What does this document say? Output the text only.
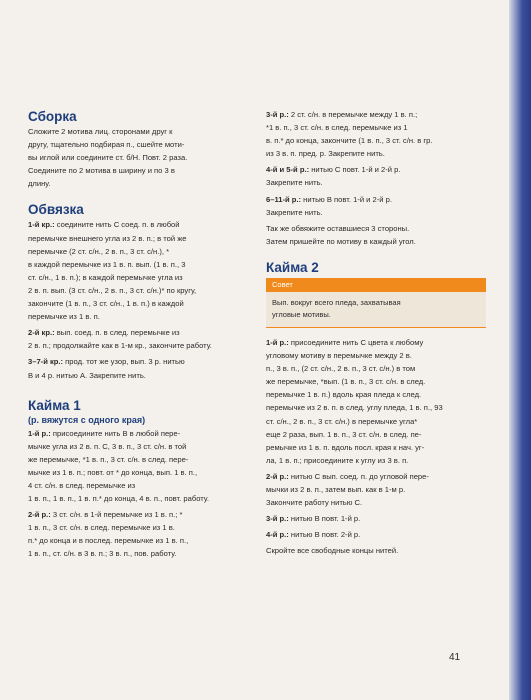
Сборка

Сложите 2 мотива лиц. сторонами друг к

другу, тщательно подбирая п., сшейте моти-

вы иглой или соедините ст. б/Н. Повт. 2 раза.

Соедините по 2 мотива в ширину и по 3 в

длину.

Обвязка

1-й кр.: соедините нить С соед. п. в любой

перемычке внешнего угла из 2 в. п.; в той же

перемычке (2 ст. с/н., 2 в. п., 3 ст. с/н.), *

в каждой перемычке из 1 в. п. вып. (1 в. п., 3

ст. с/н., 1 в. п.); в каждой перемычке угла из

2 в. п. вып. (3 ст. с/н., 2 в. п., 3 ст. с/н.)* по кругу,

закончите (1 в. п., 3 ст. с/н., 1 в. п.) в каждой

перемычке из 1 в. п.

2-й кр.: вып. соед. п. в след. перемычке из

2 в. п.; продолжайте как в 1-м кр., закончите работу.

3–7-й кр.: прод. тот же узор, вып. 3 р. нитью

В и 4 р. нитью А. Закрепите нить.

Кайма 1
(р. вяжутся с одного края)

1-й р.: присоедините нить В в любой пере-

мычке угла из 2 в. п. С, 3 в. п., 3 ст. с/н. в той

же перемычке, *1 в. п., 3 ст. с/н. в след. пере-

мычке из 1 в. п.; повт. от * до конца, вып. 1 в. п.,

4 ст. с/н. в след. перемычке из

1 в. п., 1 в. п., 1 в. п.* до конца, 4 в. п., повт. работу.

2-й р.: 3 ст. с/н. в 1-й перемычке из 1 в. п.; *

1 в. п., 3 ст. с/н. в след. перемычке из 1 в.

п.* до конца и в послед. перемычке из 1 в. п.,

1 в. п., ст. с/н. в 3 в. п.; 3 в. п., пов. работу.

3-й р.: 2 ст. с/н. в перемычке между 1 в. п.;

*1 в. п., 3 ст. с/н. в след. перемычке из 1

в. п.* до конца, закончите (1 в. п., 3 ст. с/н. в гр.

из 3 в. п. пред. р. Закрепите нить.

4-й и 5-й р.: нитью С повт. 1-й и 2-й р.

Закрепите нить.

6–11-й р.: нитью В повт. 1-й и 2-й р.

Закрепите нить.

Так же обвяжите оставшиеся 3 стороны.

Затем пришейте по мотиву в каждый угол.

Кайма 2
Совет

Вып. вокруг всего пледа, захватывая

угловые мотивы.

1-й р.: присоедините нить С цвета к любому

угловому мотиву в перемычке между 2 в.

п., 3 в. п., (2 ст. с/н., 2 в. п., 3 ст. с/н.) в том

же перемычке, *вып. (1 в. п., 3 ст. с/н. в след.

перемычке 1 в. п.) вдоль края пледа к след.

перемычке из 2 в. п. в след. углу пледа, 1 в. п., 93

ст. с/н., 2 в. п., 3 ст. с/н.) в перемычке угла*

еще 2 раза, вып. 1 в. п., 3 ст. с/н. в след. пе-

ремычке из 1 в. п. вдоль посл. края к нач. уг-

ла, 1 в. п.; присоедините к углу из 3 в. п.

2-й р.: нитью С вып. соед. п. до угловой пере-

мычки из 2 в. п., затем вып. как в 1-м р.

Закончите работу нитью С.

3-й р.: нитью В повт. 1-й р.

4-й р.: нитью В повт. 2-й р.

Скройте все свободные концы нитей.

41
